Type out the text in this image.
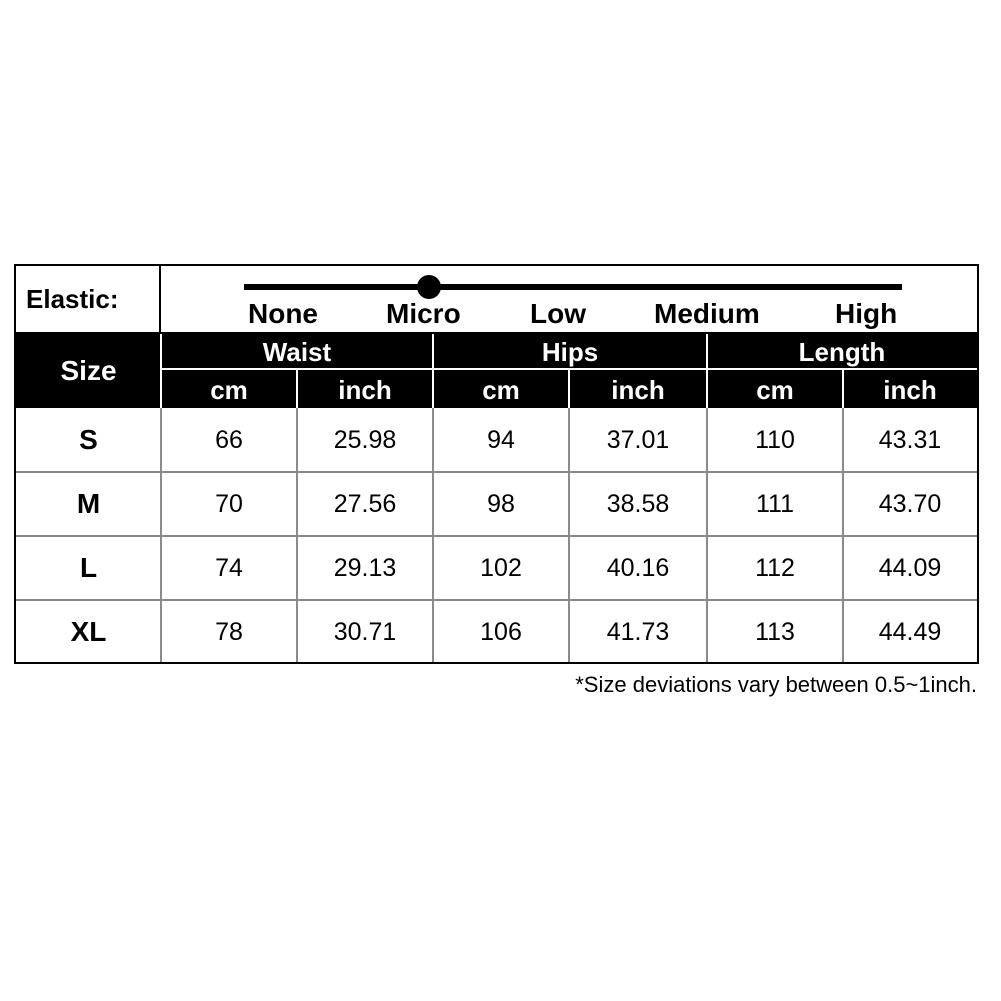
Elastic:	None Micro Low Medium	High
Size
Waist	Hips	Length
cm	inch	cm	inch	cm	inch
S	66	25.98	94	37.01	110	43.31
M	70	27.56	98	38.58	111	43.70
L	74	29.13	102	40.16	112	44.09
XL	78	30.71	106	41.73	113	44.49
*Size deviations vary between 0.5~1inch.
